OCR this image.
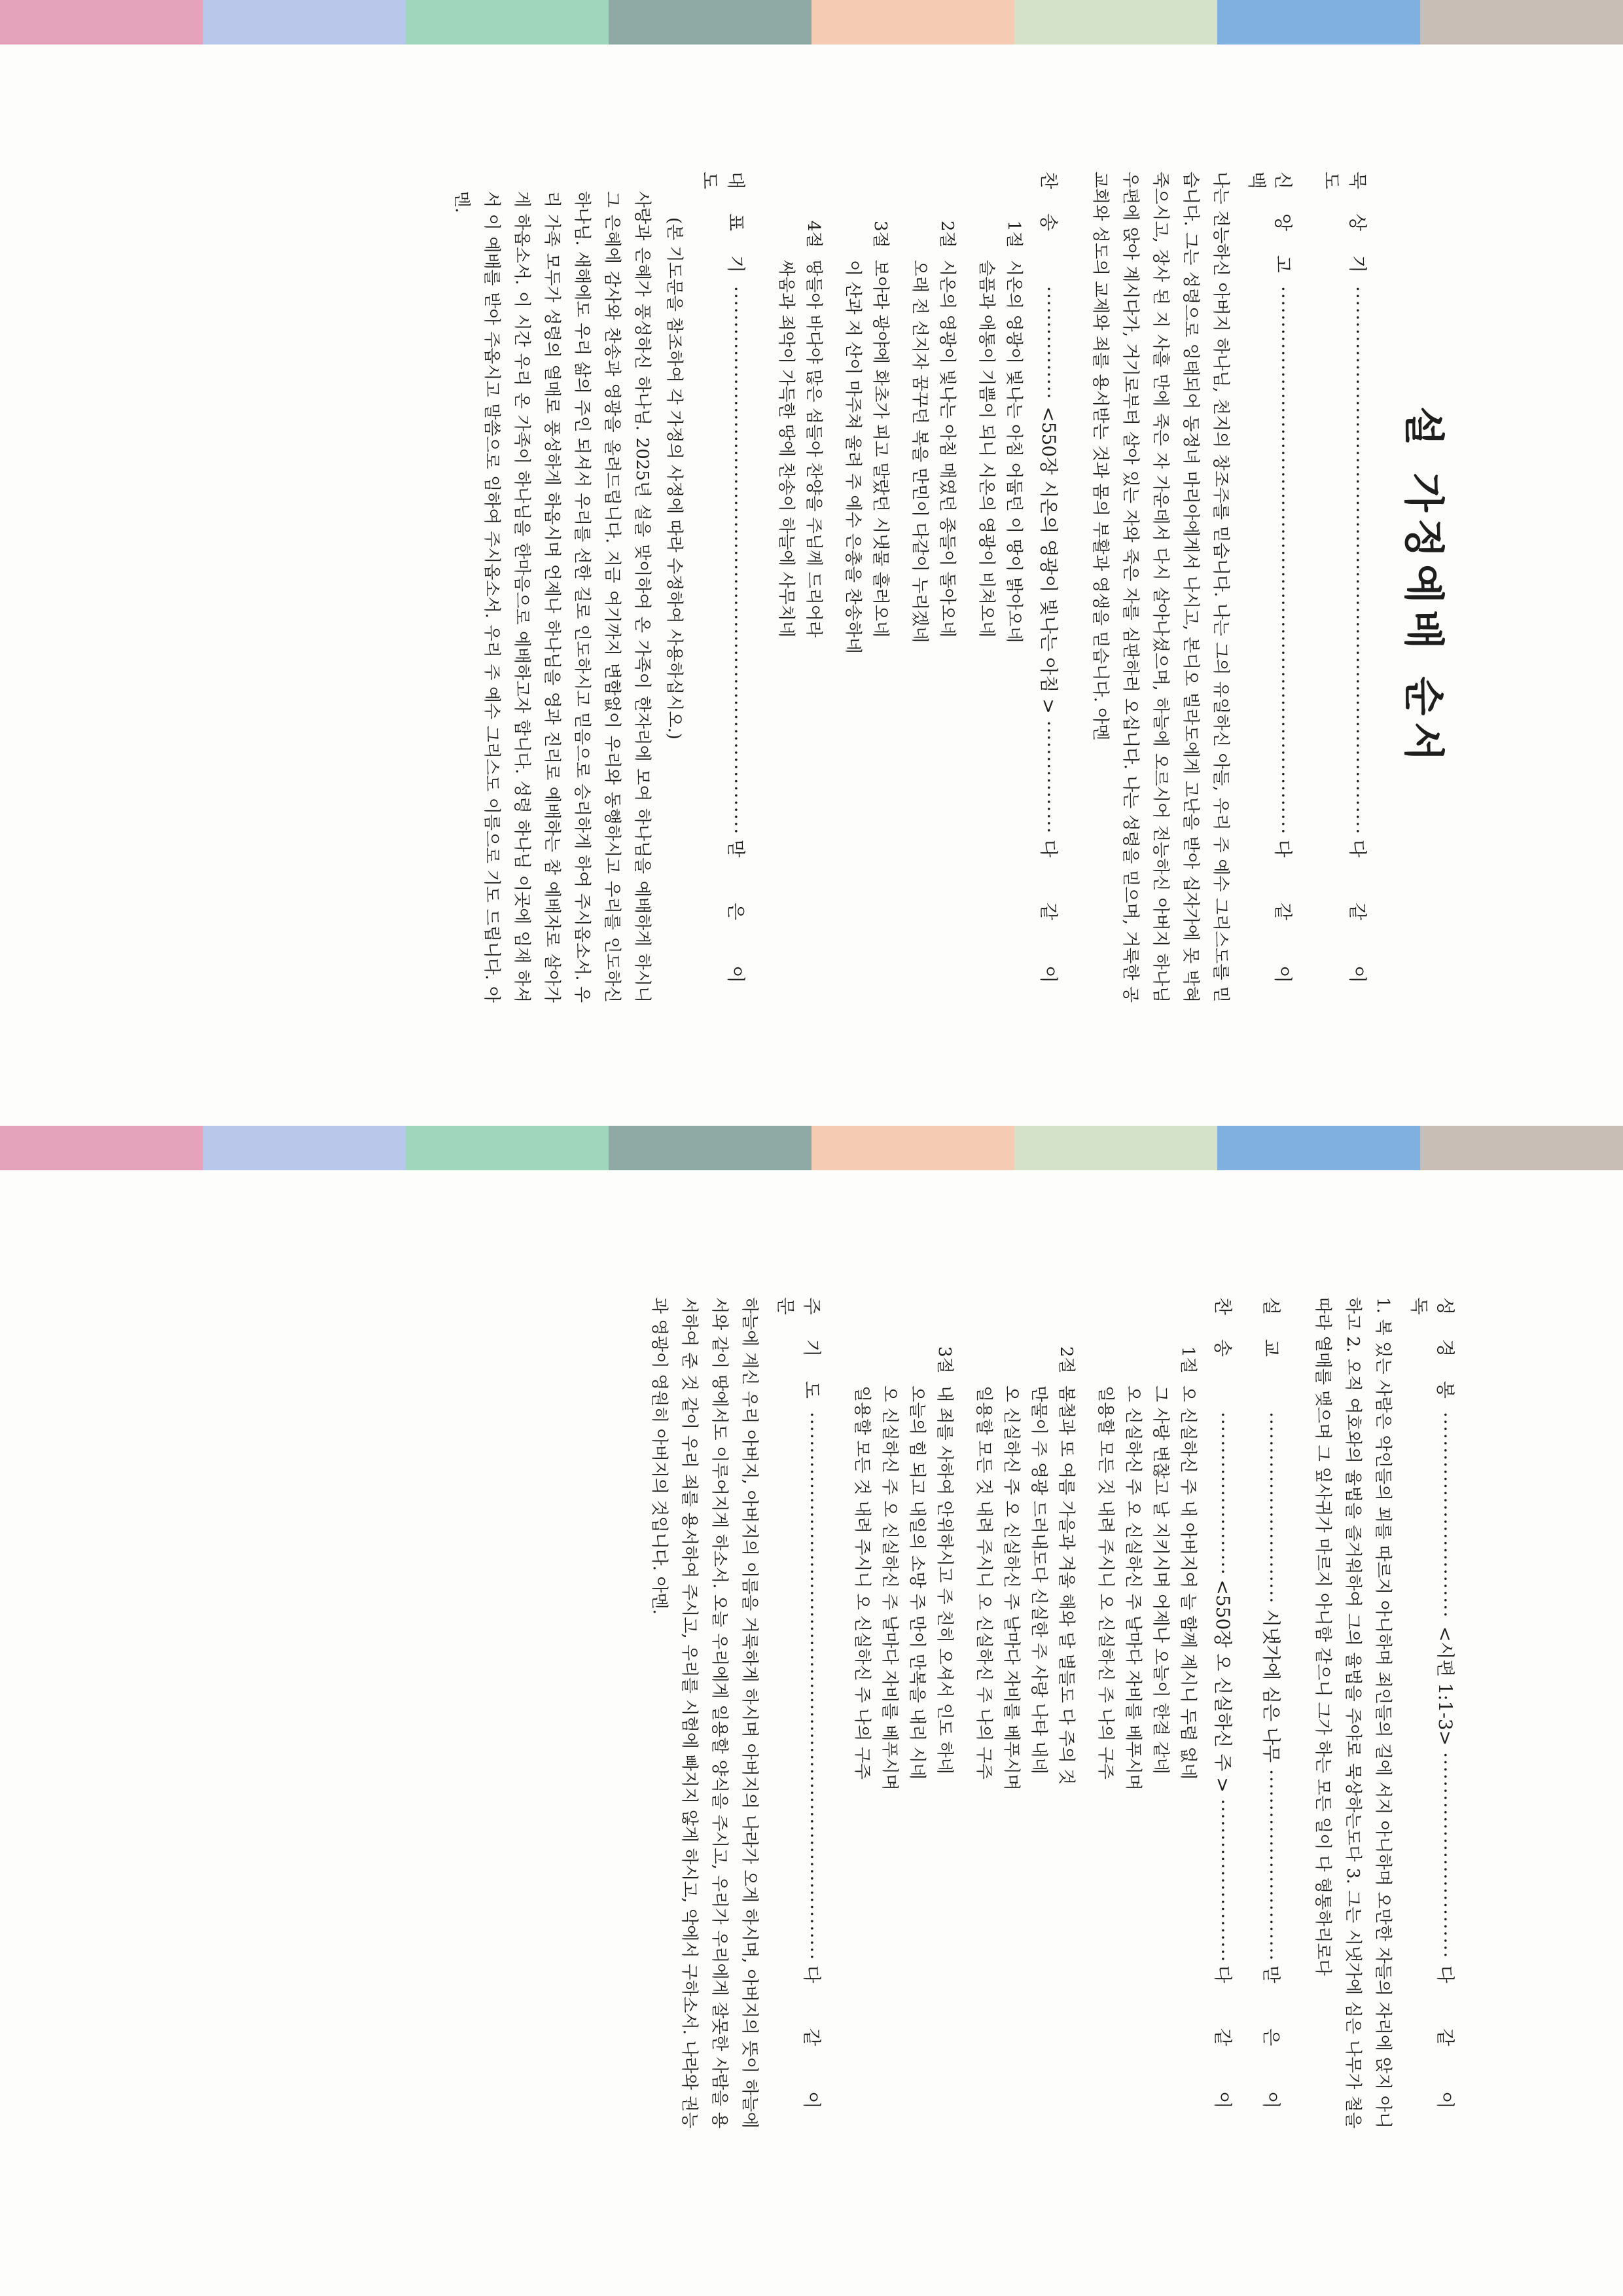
설 가정예배 순서
묵 상 기 도
·····
다 같 이
신 앙 고 백
·····
다 같 이

나는 전능하신 아버지 하나님, 천지의 창조주를 믿습니다. 나는 그의 유일하신 아들, 우리 주 예수 그리스도를 믿습니다. 그는 성령으로 잉태되어 동정녀 마리아에게서 나시고, 본디오 빌라도에게 고난을 받아 십자가에 못 박혀 죽으시고, 장사 된 지 사흘 만에 죽은 자 가운데서 다시 살아나셨으며, 하늘에 오르시어 전능하신 아버지 하나님 우편에 앉아 계시다가, 거기로부터 살아 있는 자와 죽은 자를 심판하러 오십니다. 나는 성령을 믿으며, 거룩한 공교회와 성도의 교제와 죄를 용서받는 것과 몸의 부활과 영생을 믿습니다. 아멘

찬 송
·····
<550장 시온의 영광이 빛나는 아침 >
·····
다 같 이
1절
시온의 영광이 빛나는 아침 어둡던 이 땅이 밝아오네
슬픔과 애통이 기쁨이 되니 시온의 영광이 비쳐오네
2절
시온의 영광이 빛나는 아침 매였던 종들이 돌아오네
오래 전 선지자 꿈꾸던 복을 만민이 다같이 누리겠네
3절
보아라 광야에 화초가 피고 말랐던 시냇물 흘러오네
이 산과 저 산이 마주쳐 울려 주 예수 은총을 찬송하네
4절
땅들아 바다야 많은 섬들아 찬양을 주님께 드리어라
싸움과 죄악이 가득한 땅에 찬송이 하늘에 사무치네
대 표 기 도
·····
맏 은 이

(본 기도문을 참조하여 각 가정의 사정에 따라 수정하여 사용하십시오.)

사랑과 은혜가 풍성하신 하나님. 2025년 설을 맞이하여 온 가족이 한자리에 모여 하나님을 예배하게 하시니 그 은혜에 감사와 찬송과 영광을 올려드립니다. 지금 여기까지 변함없이 우리와 동행하시고 우리를 인도하신 하나님. 새해에도 우리 삶의 주인 되셔서 우리를 선한 길로 인도하시고 믿음으로 승리하게 하여 주시옵소서. 우리 가족 모두가 성령의 열매로 풍성하게 하옵시며 언제나 하나님을 영과 진리로 예배하는 참 예배자로 살아가게 하옵소서. 이 시간 우리 온 가족이 하나님을 한마음으로 예배하고자 합니다. 성령 하나님 이곳에 임재 하셔서 이 예배를 받아 주옵시고 말씀으로 임하여 주시옵소서. 우리 주 예수 그리스도 이름으로 기도 드립니다. 아멘.

성 경 봉 독
·····
<시편 1:1-3>
·····
다 같 이

1. 복 있는 사람은 악인들의 꾀를 따르지 아니하며 죄인들의 길에 서지 아니하며 오만한 자들의 자리에 앉지 아니하고 2. 오직 여호와의 율법을 즐거워하여 그의 율법을 주야로 묵상하는도다 3. 그는 시냇가에 심은 나무가 철을 따라 열매를 맺으며 그 잎사귀가 마르지 아니함 같으니 그가 하는 모든 일이 다 형통하리로다

설 교
·····
시냇가에 심은 나무
·····
맏 은 이
찬 송
·····
<550장 오 신실하신 주 >
·····
다 같 이
1절
오 신실하신 주 내 아버지여 늘 함께 계시니 두렴 없네
그 사랑 변찮고 날 지키시며 어제나 오늘이 한결 같네
오 신실하신 주 오 신실하신 주 날마다 자비를 베푸시며
일용할 모든 것 내려 주시니 오 신실하신 주 나의 구주
2절
봄철과 또 여름 가을과 겨울 해와 달 별들도 다 주의 것
만물이 주 영광 드러내도다 신실한 주 사랑 나타 내네
오 신실하신 주 오 신실하신 주 날마다 자비를 베푸시며
일용할 모든 것 내려 주시니 오 신실하신 주 나의 구주
3절
내 죄를 사하여 안위하시고 주 친히 오셔서 인도 하네
오늘의 힘 되고 내일의 소망 주 만이 만복을 내리 시네
오 신실하신 주 오 신실하신 주 날마다 자비를 베푸시며
일용할 모든 것 내려 주시니 오 신실하신 주 나의 구주
주 기 도 문
·····
다 같 이

하늘에 계신 우리 아버지, 아버지의 이름을 거룩하게 하시며 아버지의 나라가 오게 하시며, 아버지의 뜻이 하늘에서와 같이 땅에서도 이루어지게 하소서. 오늘 우리에게 일용할 양식을 주시고, 우리가 우리에게 잘못한 사람을 용서하여 준 것 같이 우리 죄를 용서하여 주시고, 우리를 시험에 빠지지 않게 하시고, 악에서 구하소서. 나라와 권능과 영광이 영원히 아버지의 것입니다. 아멘.
